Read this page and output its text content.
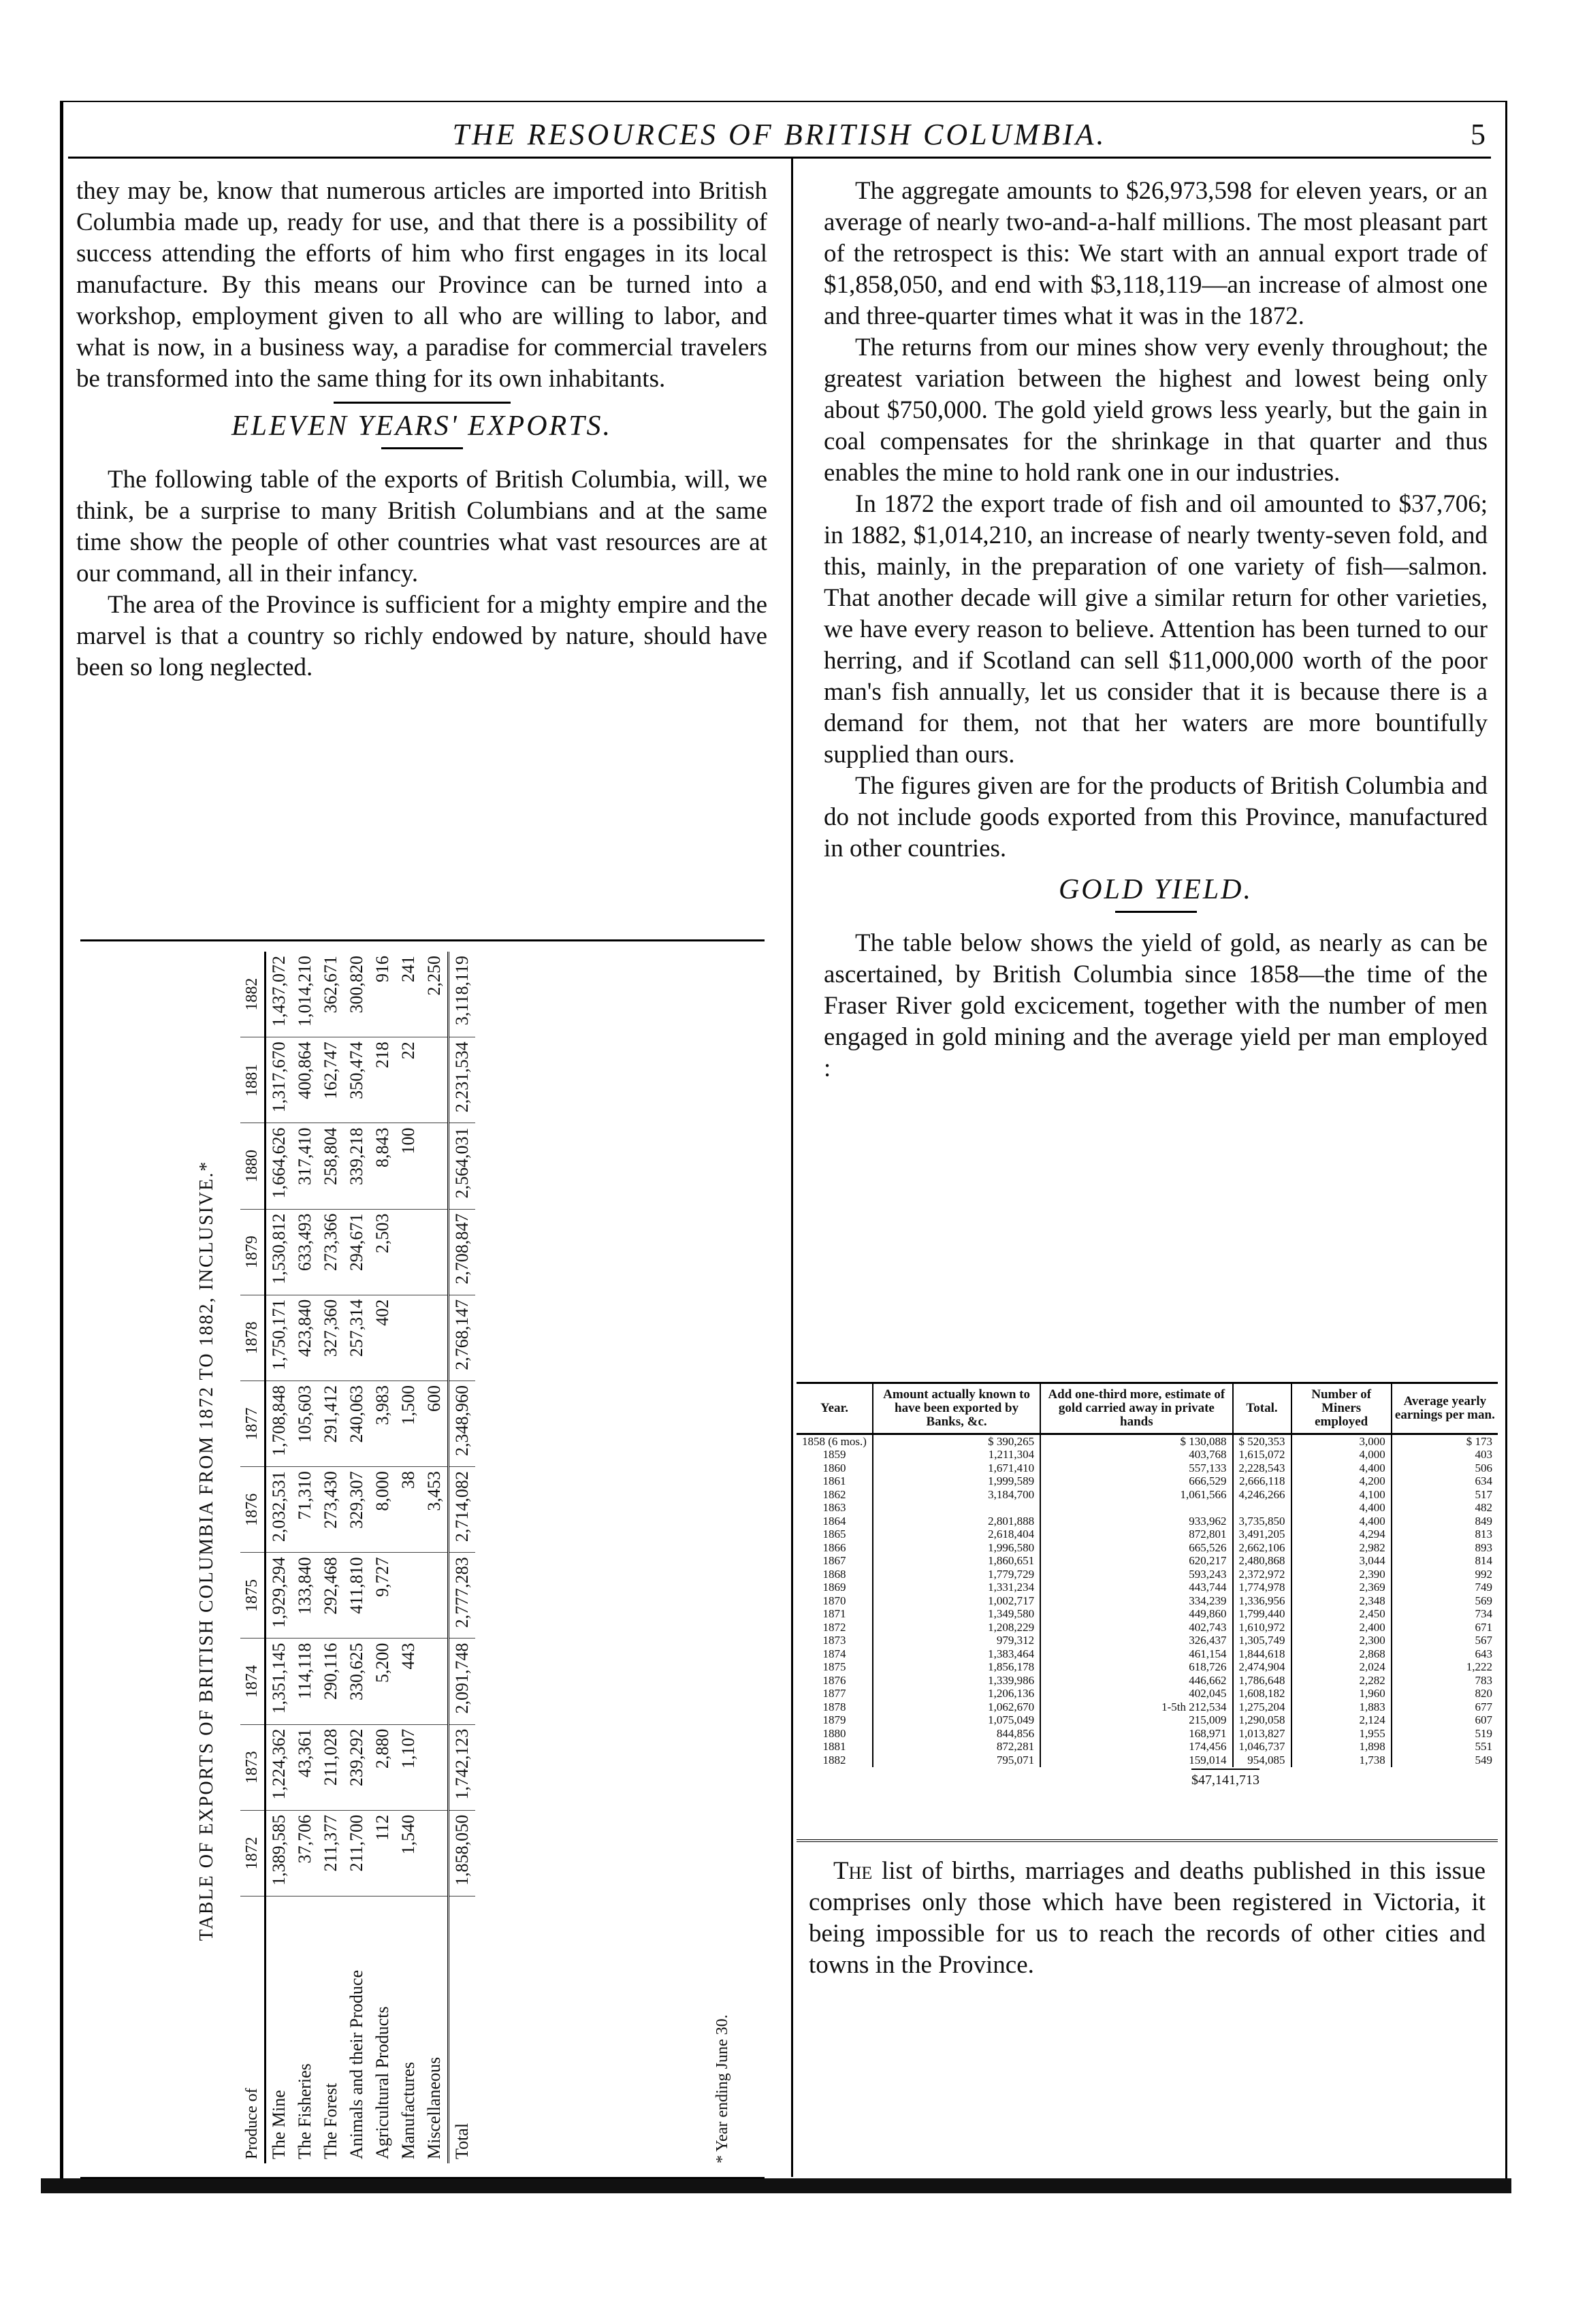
THE RESOURCES OF BRITISH COLUMBIA.	5

they may be, know that numerous articles are imported into British Columbia made up, ready for use, and that there is a possibility of success attending the efforts of him who first engages in its local manufacture. By this means our Province can be turned into a workshop, employment given to all who are willing to labor, and what is now, in a business way, a paradise for commercial travelers be transformed into the same thing for its own inhabitants.

ELEVEN YEARS' EXPORTS.

The following table of the exports of British Columbia, will, we think, be a surprise to many British Columbians and at the same time show the people of other countries what vast resources are at our command, all in their infancy.

The area of the Province is sufficient for a mighty empire and the marvel is that a country so richly endowed by nature, should have been so long neglected.

TABLE OF EXPORTS OF BRITISH COLUMBIA FROM 1872 TO 1882, INCLUSIVE.*
Produce of	1872	1873	1874	1875	1876	1877	1878	1879	1880	1881	1882
The Mine	1,389,585	1,224,362	1,351,145	1,929,294	2,032,531	1,708,848	1,750,171	1,530,812	1,664,626	1,317,670	1,437,072
The Fisheries	37,706	43,361	114,118	133,840	71,310	105,603	423,840	633,493	317,410	400,864	1,014,210
The Forest	211,377	211,028	290,116	292,468	273,430	291,412	327,360	273,366	258,804	162,747	362,671
Animals and their Produce	211,700	239,292	330,625	411,810	329,307	240,063	257,314	294,671	339,218	350,474	300,820
Agricultural Products	112	2,880	5,200	9,727	8,000	3,983	402	2,503	8,843	218	916
Manufactures	1,540	1,107	443		38	1,500			100	22	241
Miscellaneous					3,453	600					2,250
Total	1,858,050	1,742,123	2,091,748	2,777,283	2,714,082	2,348,960	2,768,147	2,708,847	2,564,031	2,231,534	3,118,119
* Year ending June 30.

The aggregate amounts to $26,973,598 for eleven years, or an average of nearly two-and-a-half millions. The most pleasant part of the retrospect is this: We start with an annual export trade of $1,858,050, and end with $3,118,119—an increase of almost one and three-quarter times what it was in the 1872.

The returns from our mines show very evenly throughout; the greatest variation between the highest and lowest being only about $750,000. The gold yield grows less yearly, but the gain in coal compensates for the shrinkage in that quarter and thus enables the mine to hold rank one in our industries.

In 1872 the export trade of fish and oil amounted to $37,706; in 1882, $1,014,210, an increase of nearly twenty-seven fold, and this, mainly, in the preparation of one variety of fish—salmon. That another decade will give a similar return for other varieties, we have every reason to believe. Attention has been turned to our herring, and if Scotland can sell $11,000,000 worth of the poor man's fish annually, let us consider that it is because there is a demand for them, not that her waters are more bountifully supplied than ours.

The figures given are for the products of British Columbia and do not include goods exported from this Province, manufactured in other countries.

GOLD YIELD.

The table below shows the yield of gold, as nearly as can be ascertained, by British Columbia since 1858—the time of the Fraser River gold excicement, together with the number of men engaged in gold mining and the average yield per man employed :

Year.	Amount actually known to have been exported by Banks, &c.	Add one-third more, estimate of gold carried away in private hands	Total.	Number of Miners employed	Average yearly earnings per man.
1858 (6 mos.)	$ 390,265	$ 130,088	$ 520,353	3,000	$ 173
1859	1,211,304	403,768	1,615,072	4,000	403
1860	1,671,410	557,133	2,228,543	4,400	506
1861	1,999,589	666,529	2,666,118	4,200	634
1862	3,184,700	1,061,566	4,246,266	4,100	517
1863				4,400	482
1864	2,801,888	933,962	3,735,850	4,400	849
1865	2,618,404	872,801	3,491,205	4,294	813
1866	1,996,580	665,526	2,662,106	2,982	893
1867	1,860,651	620,217	2,480,868	3,044	814
1868	1,779,729	593,243	2,372,972	2,390	992
1869	1,331,234	443,744	1,774,978	2,369	749
1870	1,002,717	334,239	1,336,956	2,348	569
1871	1,349,580	449,860	1,799,440	2,450	734
1872	1,208,229	402,743	1,610,972	2,400	671
1873	979,312	326,437	1,305,749	2,300	567
1874	1,383,464	461,154	1,844,618	2,868	643
1875	1,856,178	618,726	2,474,904	2,024	1,222
1876	1,339,986	446,662	1,786,648	2,282	783
1877	1,206,136	402,045	1,608,182	1,960	820
1878	1,062,670	1-5th 212,534	1,275,204	1,883	677
1879	1,075,049	215,009	1,290,058	2,124	607
1880	844,856	168,971	1,013,827	1,955	519
1881	872,281	174,456	1,046,737	1,898	551
1882	795,071	159,014	954,085	1,738	549
$47,141,713

The list of births, marriages and deaths published in this issue comprises only those which have been registered in Victoria, it being impossible for us to reach the records of other cities and towns in the Province.
